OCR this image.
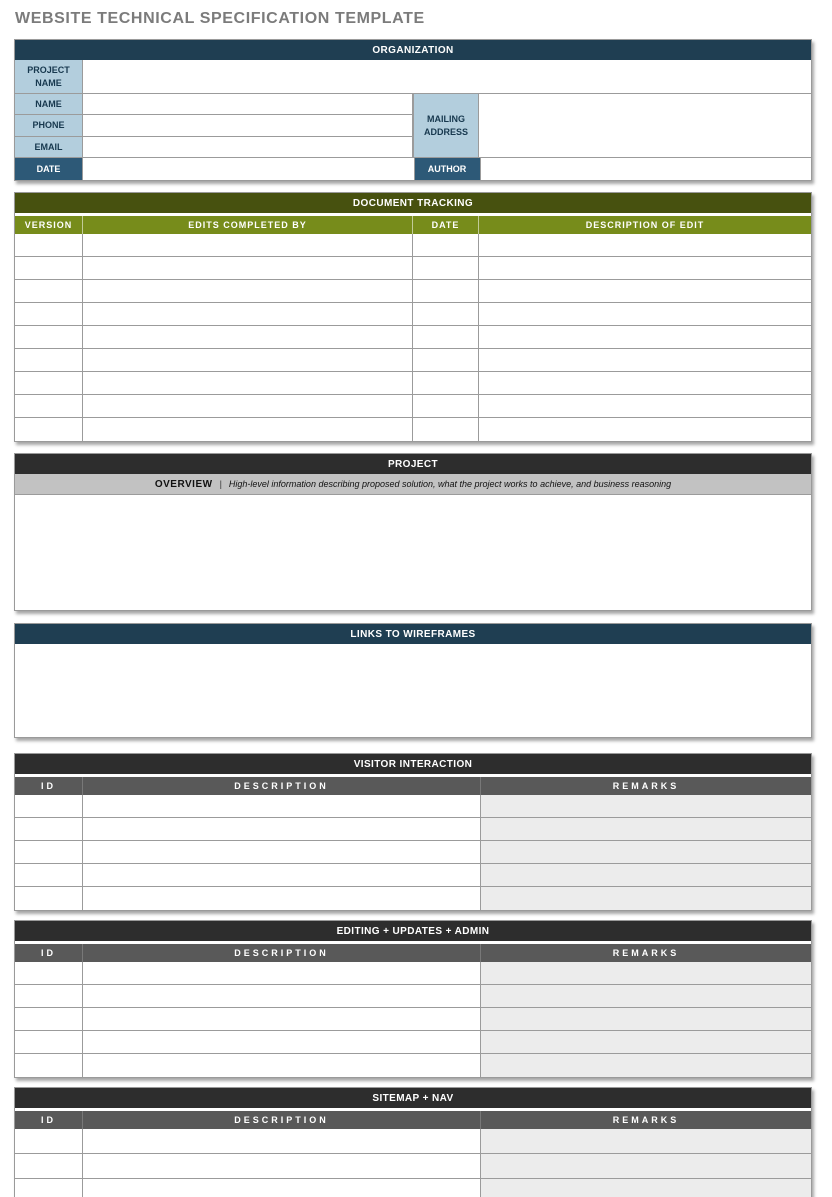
WEBSITE TECHNICAL SPECIFICATION TEMPLATE
ORGANIZATION
PROJECT NAME
NAME
PHONE
EMAIL
MAILING ADDRESS
DATE	AUTHOR
DOCUMENT TRACKING
VERSION	EDITS COMPLETED BY	DATE	DESCRIPTION OF EDIT
PROJECT
OVERVIEW | High-level information describing proposed solution, what the project works to achieve, and business reasoning
LINKS TO WIREFRAMES
VISITOR INTERACTION
ID	DESCRIPTION	REMARKS
EDITING + UPDATES + ADMIN
ID	DESCRIPTION	REMARKS
SITEMAP + NAV
ID	DESCRIPTION	REMARKS
